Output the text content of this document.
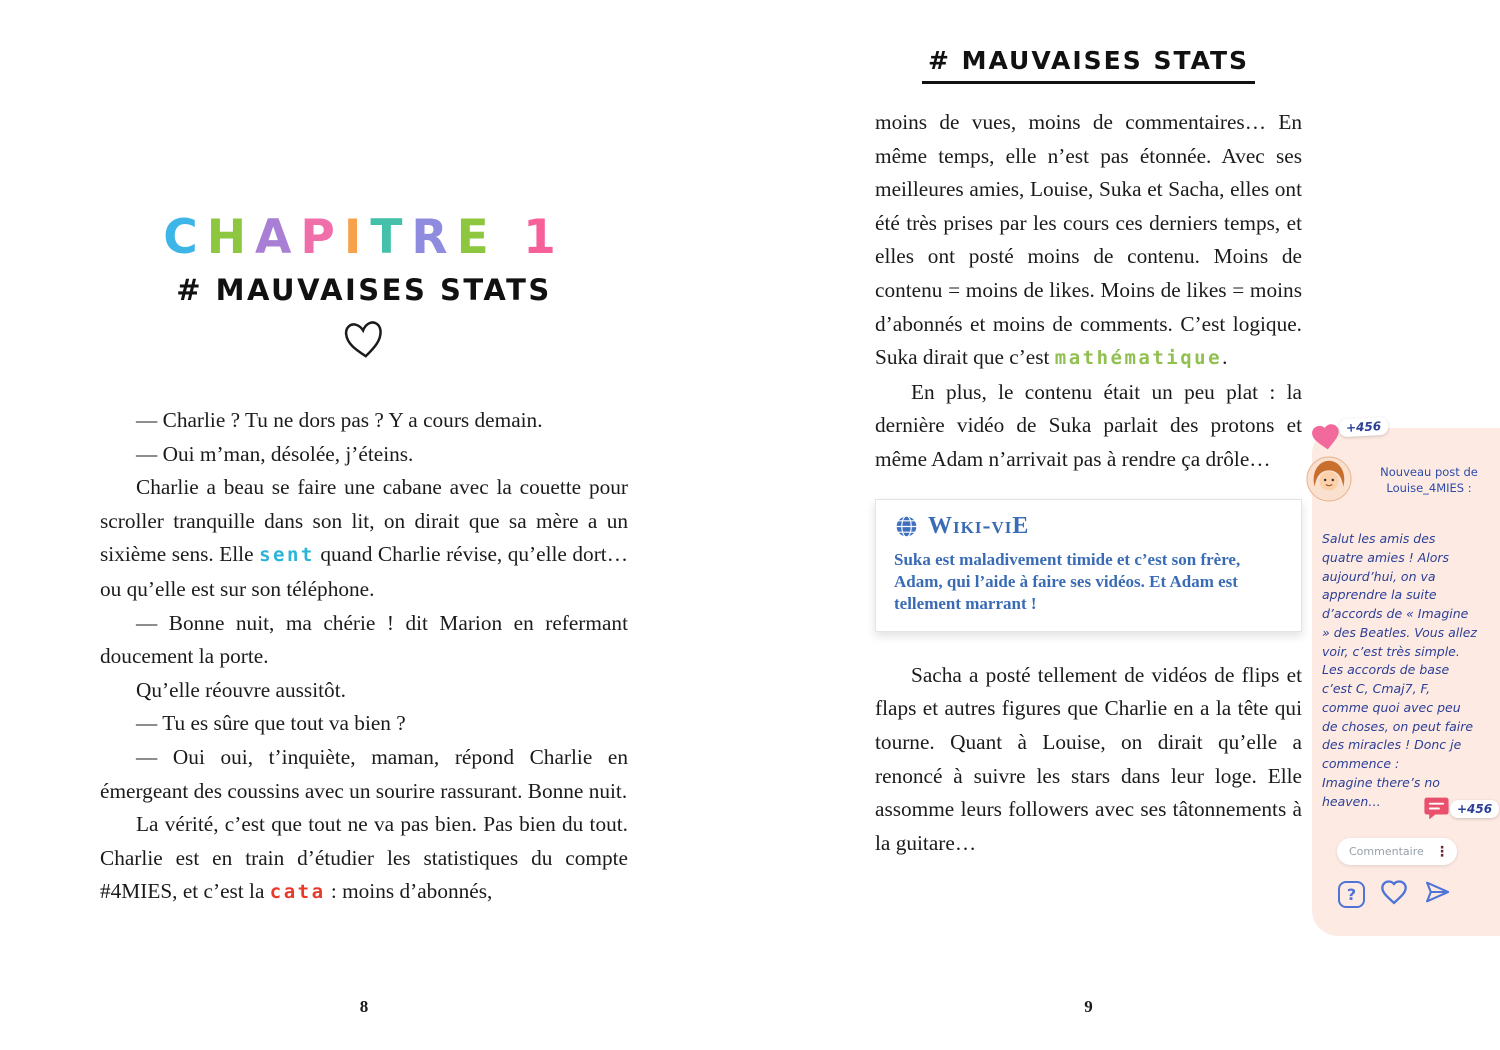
CHAPITRE 1
# MAUVAISES STATS

— Charlie ? Tu ne dors pas ? Y a cours demain.

— Oui m’man, désolée, j’éteins.

Charlie a beau se faire une cabane avec la couette pour scroller tranquille dans son lit, on dirait que sa mère a un sixième sens. Elle sent quand Charlie révise, qu’elle dort… ou qu’elle est sur son téléphone.

— Bonne nuit, ma chérie ! dit Marion en refermant doucement la porte.

Qu’elle réouvre aussitôt.

— Tu es sûre que tout va bien ?

— Oui oui, t’inquiète, maman, répond Charlie en émergeant des coussins avec un sourire rassurant. Bonne nuit.

La vérité, c’est que tout ne va pas bien. Pas bien du tout. Charlie est en train d’étudier les statistiques du compte #4MIES, et c’est la cata : moins d’abonnés,

8
# MAUVAISES STATS

moins de vues, moins de commentaires… En même temps, elle n’est pas étonnée. Avec ses meilleures amies, Louise, Suka et Sacha, elles ont été très prises par les cours ces derniers temps, et elles ont posté moins de contenu. Moins de contenu = moins de likes. Moins de likes = moins d’abonnés et moins de comments. C’est logique. Suka dirait que c’est mathématique.

En plus, le contenu était un peu plat : la dernière vidéo de Suka parlait des protons et même Adam n’arrivait pas à rendre ça drôle…

Wiki-viE

Suka est maladivement timide et c’est son frère, Adam, qui l’aide à faire ses vidéos. Et Adam est tellement marrant !

Sacha a posté tellement de vidéos de flips et flaps et autres figures que Charlie en a la tête qui tourne. Quant à Louise, on dirait qu’elle a renoncé à suivre les stars dans leur loge. Elle assomme leurs followers avec ses tâtonnements à la guitare…

9
+456
Nouveau post de
Louise_4MIES :
Salut les amis des quatre amies ! Alors aujourd’hui, on va apprendre la suite d’accords de « Imagine » des Beatles. Vous allez voir, c’est très simple. Les accords de base c’est C, Cmaj7, F, comme quoi avec peu de choses, on peut faire des miracles ! Donc je commence :
Imagine there’s no heaven…
+456
Commentaire
⋮
?
